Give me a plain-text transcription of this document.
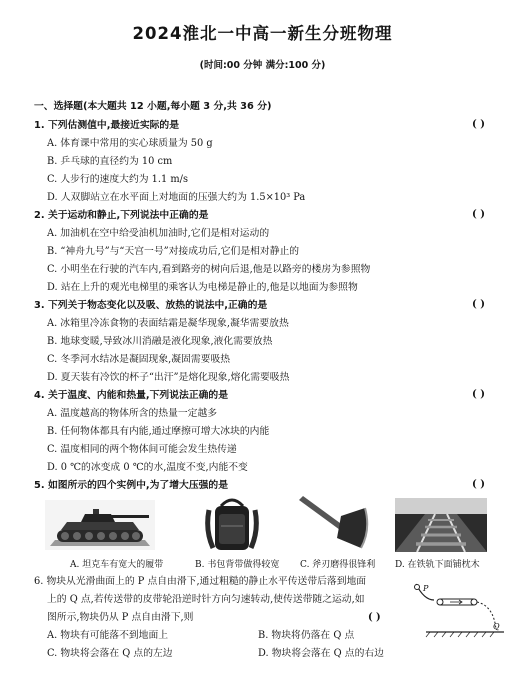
2024淮北一中高一新生分班物理
(时间:00 分钟 满分:100 分)
一、选择题(本大题共 12 小题,每小题 3 分,共 36 分)
1. 下列估测值中,最接近实际的是	( )
A. 体育课中常用的实心球质量为 50 g
B. 乒乓球的直径约为 10 cm
C. 人步行的速度大约为 1.1 m/s
D. 人双脚站立在水平面上对地面的压强大约为 1.5×10³ Pa
2. 关于运动和静止,下列说法中正确的是	( )
A. 加油机在空中给受油机加油时,它们是相对运动的
B. “神舟九号”与“天宫一号”对接成功后,它们是相对静止的
C. 小明坐在行驶的汽车内,看到路旁的树向后退,他是以路旁的楼房为参照物
D. 站在上升的观光电梯里的乘客认为电梯是静止的,他是以地面为参照物
3. 下列关于物态变化以及吸、放热的说法中,正确的是	( )
A. 冰箱里冷冻食物的表面结霜是凝华现象,凝华需要放热
B. 地球变暖,导致冰川消融是液化现象,液化需要放热
C. 冬季河水结冰是凝固现象,凝固需要吸热
D. 夏天装有冷饮的杯子“出汗”是熔化现象,熔化需要吸热
4. 关于温度、内能和热量,下列说法正确的是	( )
A. 温度越高的物体所含的热量一定越多
B. 任何物体都具有内能,通过摩擦可增大冰块的内能
C. 温度相同的两个物体间可能会发生热传递
D. 0 ℃的冰变成 0 ℃的水,温度不变,内能不变
5. 如图所示的四个实例中,为了增大压强的是	( )
A. 坦克车有宽大的履带	B. 书包背带做得较宽 C. 斧刃磨得很锋利 D. 在铁轨下面铺枕木
6. 物块从光滑曲面上的 P 点自由滑下,通过粗糙的静止水平传送带后落到地面
上的 Q 点,若传送带的皮带轮沿逆时针方向匀速转动,使传送带随之运动,如
图所示,物块仍从 P 点自由滑下,则	( )
A. 物块有可能落不到地面上	B. 物块将仍落在 Q 点
C. 物块将会落在 Q 点的左边	D. 物块将会落在 Q 点的右边
P
Q
